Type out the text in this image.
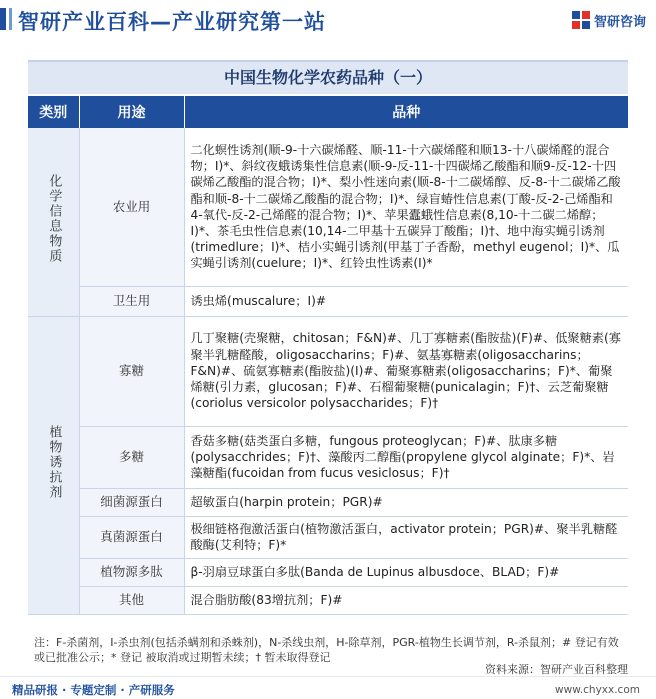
智研产业百科—产业研究第一站	智研咨询
中国生物化学农药品种（一）
类别	用途	品种
化学信息物质	农业用	二化螟性诱剂(顺-9-十六碳烯醛、顺-11-十六碳烯醛和顺13-十八碳烯醛的混合物；I)*、斜纹夜蛾诱集性信息素(顺-9-反-11-十四碳烯乙酸酯和顺9-反-12-十四碳烯乙酸酯的混合物；I)*、梨小性迷向素(顺-8-十二碳烯醇、反-8-十二碳烯乙酸酯和顺-8-十二碳烯乙酸酯的混合物；I)*、绿盲蝽性信息素(丁酸-反-2-己烯酯和4-氧代-反-2-己烯醛的混合物；I)*、苹果蠹蛾性信息素(8,10-十二碳二烯醇；I)*、茶毛虫性信息素(10,14-二甲基十五碳异丁酸酯；I)†、地中海实蝇引诱剂(trimedlure；I)*、桔小实蝇引诱剂(甲基丁子香酚，methyl eugenol；I)*、瓜实蝇引诱剂(cuelure；I)*、红铃虫性诱素(I)*
	卫生用	诱虫烯(muscalure；I)#
植物诱抗剂	寡糖	几丁聚糖(壳聚糖，chitosan；F&N)#、几丁寡糖素(酯胺盐)(F)#、低聚糖素(寡聚半乳糖醛酸，oligosaccharins；F)#、氨基寡糖素(oligosaccharins；F&N)#、硫氨寡糖素(酯胺盐)(I)#、葡聚寡糖素(oligosaccharins；F)*、葡聚烯糖(引力素，glucosan；F)#、石榴葡聚糖(punicalagin；F)†、云芝葡聚糖(coriolus versicolor polysaccharides；F)†
	多糖	香菇多糖(菇类蛋白多糖，fungous proteoglycan；F)#、肽康多糖(polysacchrides；F)†、藻酸丙二醇酯(propylene glycol alginate；F)*、岩藻糖酯(fucoidan from fucus vesiclosus；F)†
	细菌源蛋白	超敏蛋白(harpin protein；PGR)#
	真菌源蛋白	极细链格孢激活蛋白(植物激活蛋白，activator protein；PGR)#、聚半乳糖醛酸酶(艾利特；F)*
	植物源多肽	β-羽扇豆球蛋白多肽(Banda de Lupinus albusdoce、BLAD；F)#
	其他	混合脂肪酸(83增抗剂；F)#
注：F-杀菌剂，I-杀虫剂(包括杀螨剂和杀蛛剂)，N-杀线虫剂，H-除草剂，PGR-植物生长调节剂，R-杀鼠剂；# 登记有效或已批准公示；* 登记 被取消或过期暂未续；† 暂未取得登记
资料来源：智研产业百科整理
精品研报 · 专题定制 · 产研服务	www.chyxx.com
